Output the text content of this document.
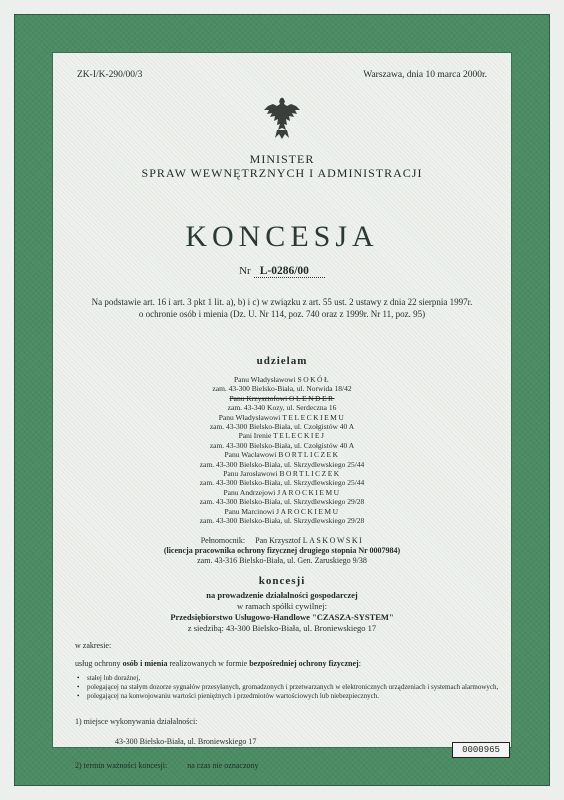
ZK-I/K-290/00/3	Warszawa, dnia 10 marca 2000r.
MINISTER
SPRAW WEWNĘTRZNYCH I ADMINISTRACJI
KONCESJA
Nr L-0286/00
Na podstawie art. 16 i art. 3 pkt 1 lit. a), b) i c) w związku z art. 55 ust. 2 ustawy z dnia 22 sierpnia 1997r.
o ochronie osób i mienia (Dz. U. Nr 114, poz. 740 oraz z 1999r. Nr 11, poz. 95)
udzielam
Panu Władysławowi SOKÓŁ
zam. 43-300 Bielsko-Biała, ul. Norwida 18/42
Panu Krzysztofowi OLENDER
zam. 43-340 Kozy, ul. Serdeczna 16
Panu Władysławowi TELECKIEMU
zam. 43-300 Bielsko-Biała, ul. Czołgistów 40 A
Pani Irenie TELECKIEJ
zam. 43-300 Bielsko-Biała, ul. Czołgistów 40 A
Panu Wacławowi BORTLICZEK
zam. 43-300 Bielsko-Biała, ul. Skrzydlewskiego 25/44
Panu Jarosławowi BORTLICZEK
zam. 43-300 Bielsko-Biała, ul. Skrzydlewskiego 25/44
Panu Andrzejowi JAROCKIEMU
zam. 43-300 Bielsko-Biała, ul. Skrzydlewskiego 29/28
Panu Marcinowi JAROCKIEMU
zam. 43-300 Bielsko-Biała, ul. Skrzydlewskiego 29/28
Pełnomocnik: Pan Krzysztof LASKOWSKI
(licencja pracownika ochrony fizycznej drugiego stopnia Nr 0007984)
zam. 43-316 Bielsko-Biała, ul. Gen. Zaruskiego 9/38
koncesji
na prowadzenie działalności gospodarczej
w ramach spółki cywilnej:
Przedsiębiorstwo Usługowo-Handlowe "CZASZA-SYSTEM"
z siedzibą: 43-300 Bielsko-Biała, ul. Broniewskiego 17
w zakresie:
usług ochrony osób i mienia realizowanych w formie bezpośredniej ochrony fizycznej:
• stałej lub doraźnej,
• polegającej na stałym dozorze sygnałów przesyłanych, gromadzonych i przetwarzanych w elektronicznych urządzeniach i systemach alarmowych,
• polegającej na konwojowaniu wartości pieniężnych i przedmiotów wartościowych lub niebezpiecznych.
1) miejsce wykonywania działalności:
43-300 Bielsko-Biała, ul. Broniewskiego 17
2) termin ważności koncesji:	na czas nie oznaczony
0000965
